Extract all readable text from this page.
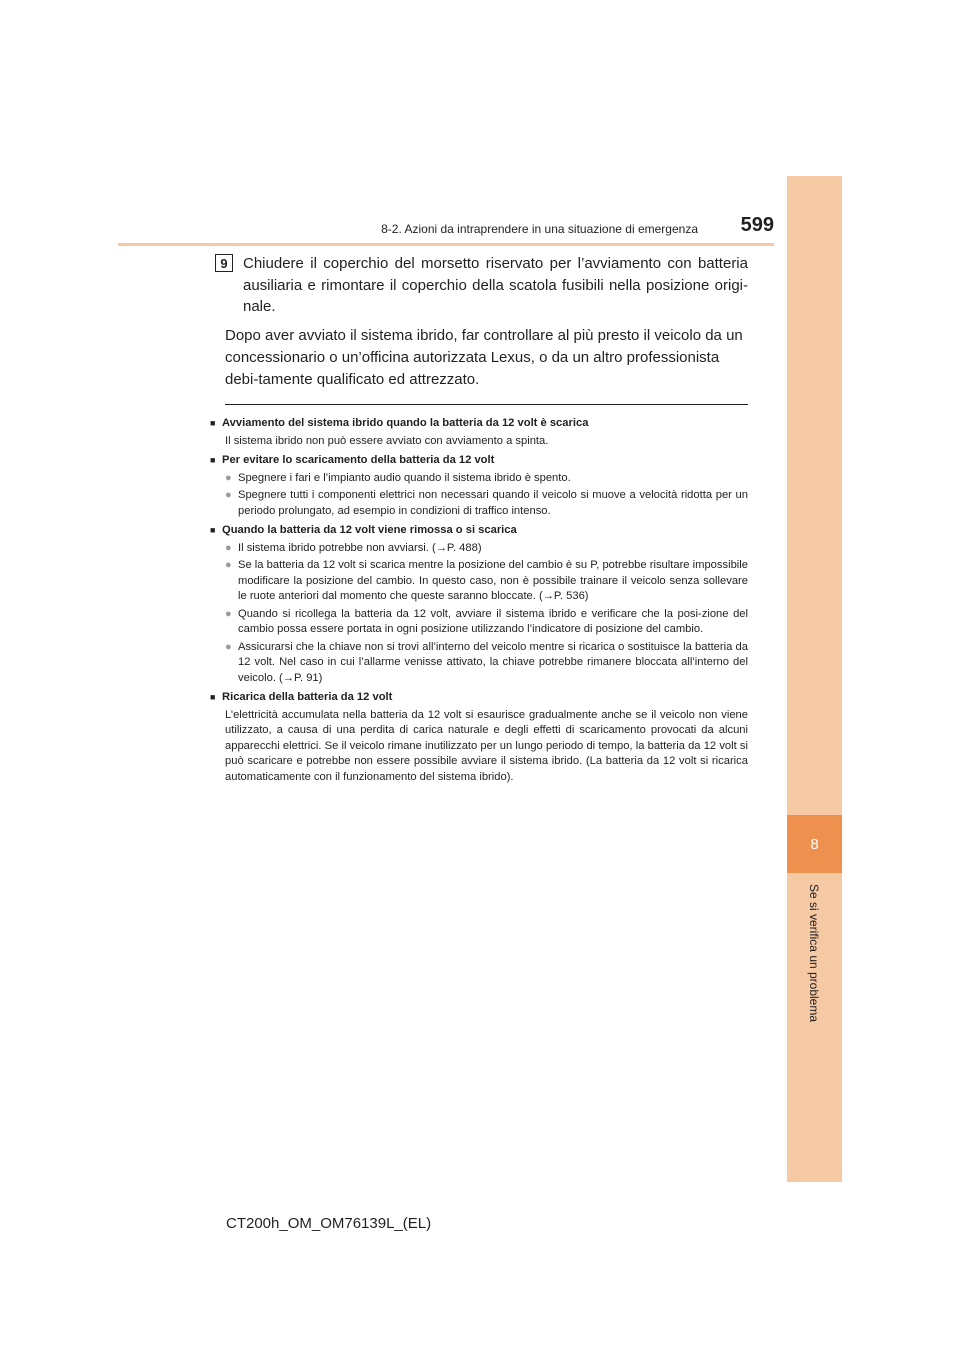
8
Se si verifica un problema
8-2. Azioni da intraprendere in una situazione di emergenza	599
9	Chiudere il coperchio del morsetto riservato per l’avviamento con batteria ausiliaria e rimontare il coperchio della scatola fusibili nella posizione origi-nale.
Dopo aver avviato il sistema ibrido, far controllare al più presto il veicolo da un concessionario o un’officina autorizzata Lexus, o da un altro professionista debi-tamente qualificato ed attrezzato.
■ Avviamento del sistema ibrido quando la batteria da 12 volt è scarica
Il sistema ibrido non può essere avviato con avviamento a spinta.
■ Per evitare lo scaricamento della batteria da 12 volt
● Spegnere i fari e l’impianto audio quando il sistema ibrido è spento.
● Spegnere tutti i componenti elettrici non necessari quando il veicolo si muove a velocità ridotta per un periodo prolungato, ad esempio in condizioni di traffico intenso.
■ Quando la batteria da 12 volt viene rimossa o si scarica
● Il sistema ibrido potrebbe non avviarsi. (→P. 488)
● Se la batteria da 12 volt si scarica mentre la posizione del cambio è su P, potrebbe risultare impossibile modificare la posizione del cambio. In questo caso, non è possibile trainare il veicolo senza sollevare le ruote anteriori dal momento che queste saranno bloccate. (→P. 536)
● Quando si ricollega la batteria da 12 volt, avviare il sistema ibrido e verificare che la posi-zione del cambio possa essere portata in ogni posizione utilizzando l’indicatore di posizione del cambio.
● Assicurarsi che la chiave non si trovi all’interno del veicolo mentre si ricarica o sostituisce la batteria da 12 volt. Nel caso in cui l’allarme venisse attivato, la chiave potrebbe rimanere bloccata all’interno del veicolo. (→P. 91)
■ Ricarica della batteria da 12 volt
L’elettricità accumulata nella batteria da 12 volt si esaurisce gradualmente anche se il veicolo non viene utilizzato, a causa di una perdita di carica naturale e degli effetti di scaricamento provocati da alcuni apparecchi elettrici. Se il veicolo rimane inutilizzato per un lungo periodo di tempo, la batteria da 12 volt si può scaricare e potrebbe non essere possibile avviare il sistema ibrido. (La batteria da 12 volt si ricarica automaticamente con il funzionamento del sistema ibrido).
CT200h_OM_OM76139L_(EL)
